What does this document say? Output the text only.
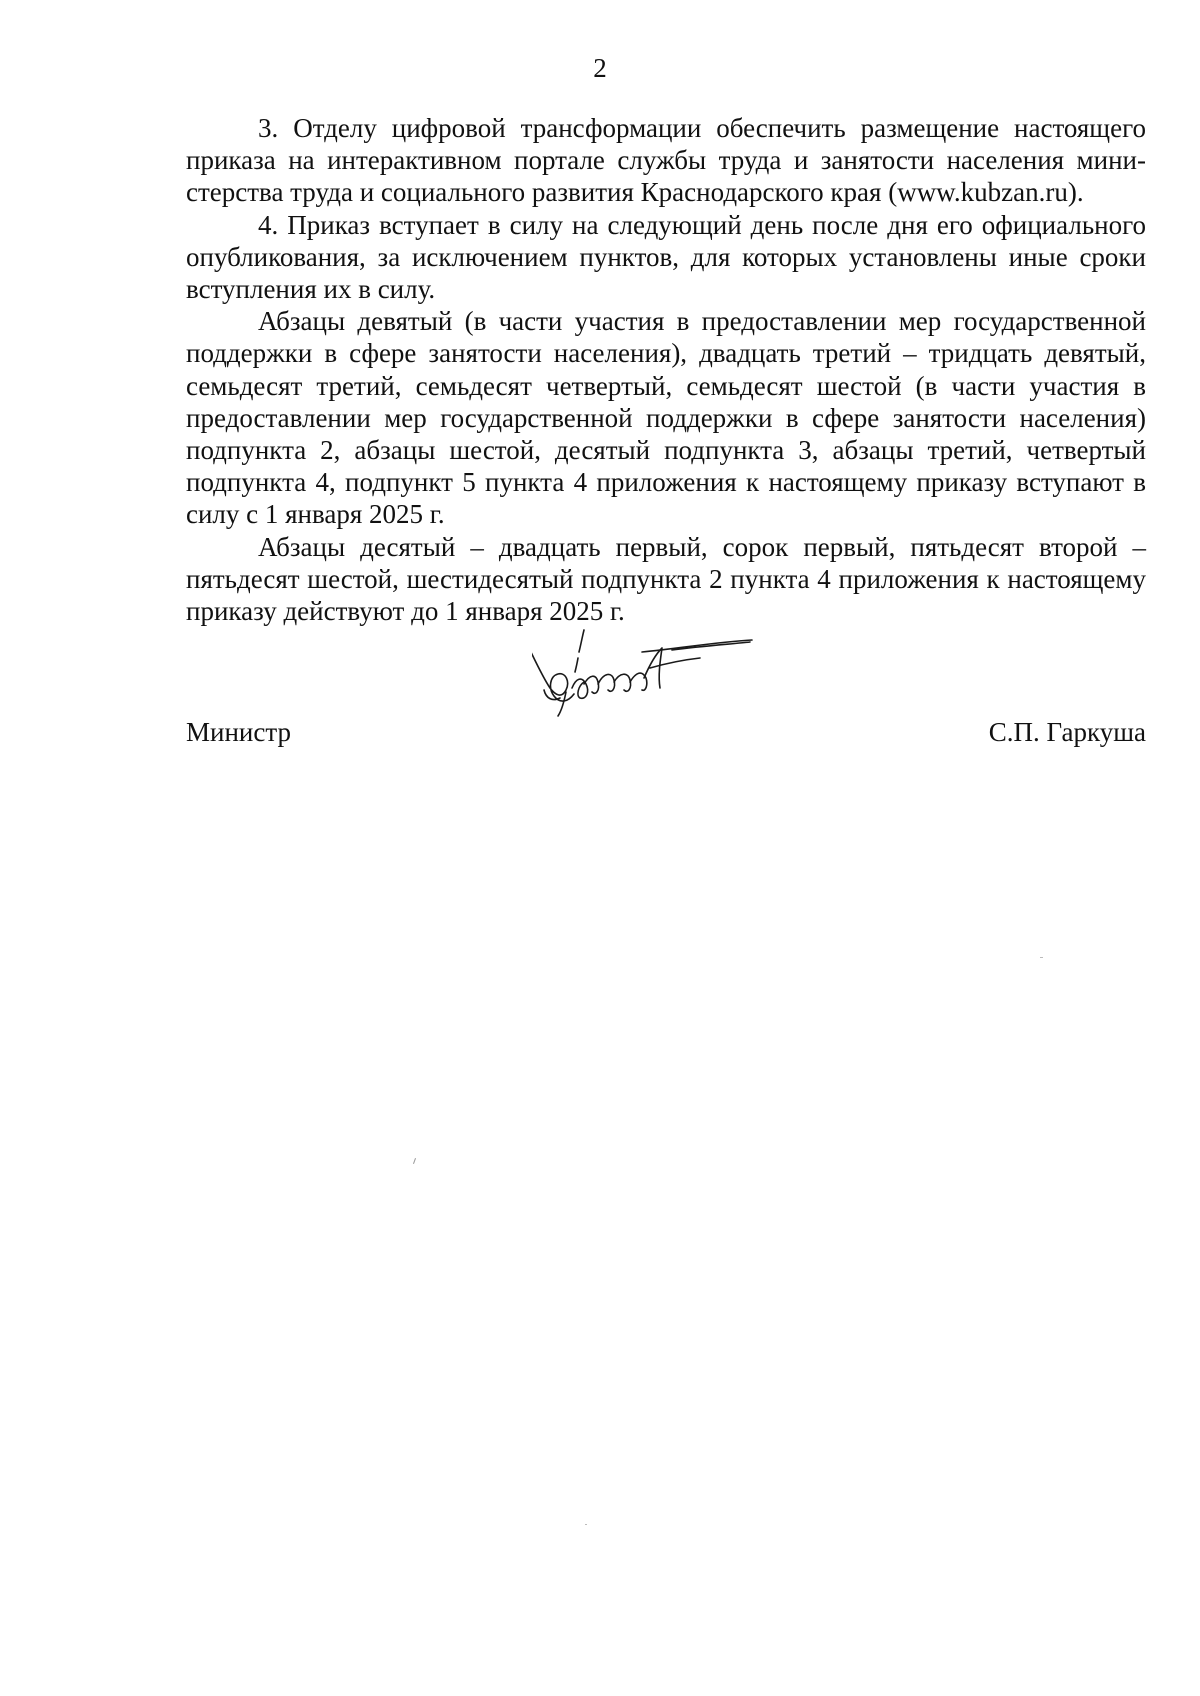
2

3. Отделу цифровой трансформации обеспечить размещение настоящего приказа на интерактивном портале службы труда и занятости населения министерства труда и социального развития Краснодарского края (www.kubzan.ru).

4. Приказ вступает в силу на следующий день после дня его официального опубликования, за исключением пунктов, для которых установлены иные сроки вступления их в силу.

Абзацы девятый (в части участия в предоставлении мер государственной поддержки в сфере занятости населения), двадцать третий – тридцать девятый, семьдесят третий, семьдесят четвертый, семьдесят шестой (в части участия в предоставлении мер государственной поддержки в сфере занятости населения) подпункта 2, абзацы шестой, десятый подпункта 3, абзацы третий, четвертый подпункта 4, подпункт 5 пункта 4 приложения к настоящему приказу вступают в силу с 1 января 2025 г.

Абзацы десятый – двадцать первый, сорок первый, пятьдесят второй – пятьдесят шестой, шестидесятый подпункта 2 пункта 4 приложения к настоящему приказу действуют до 1 января 2025 г.

Министр	С.П. Гаркуша
